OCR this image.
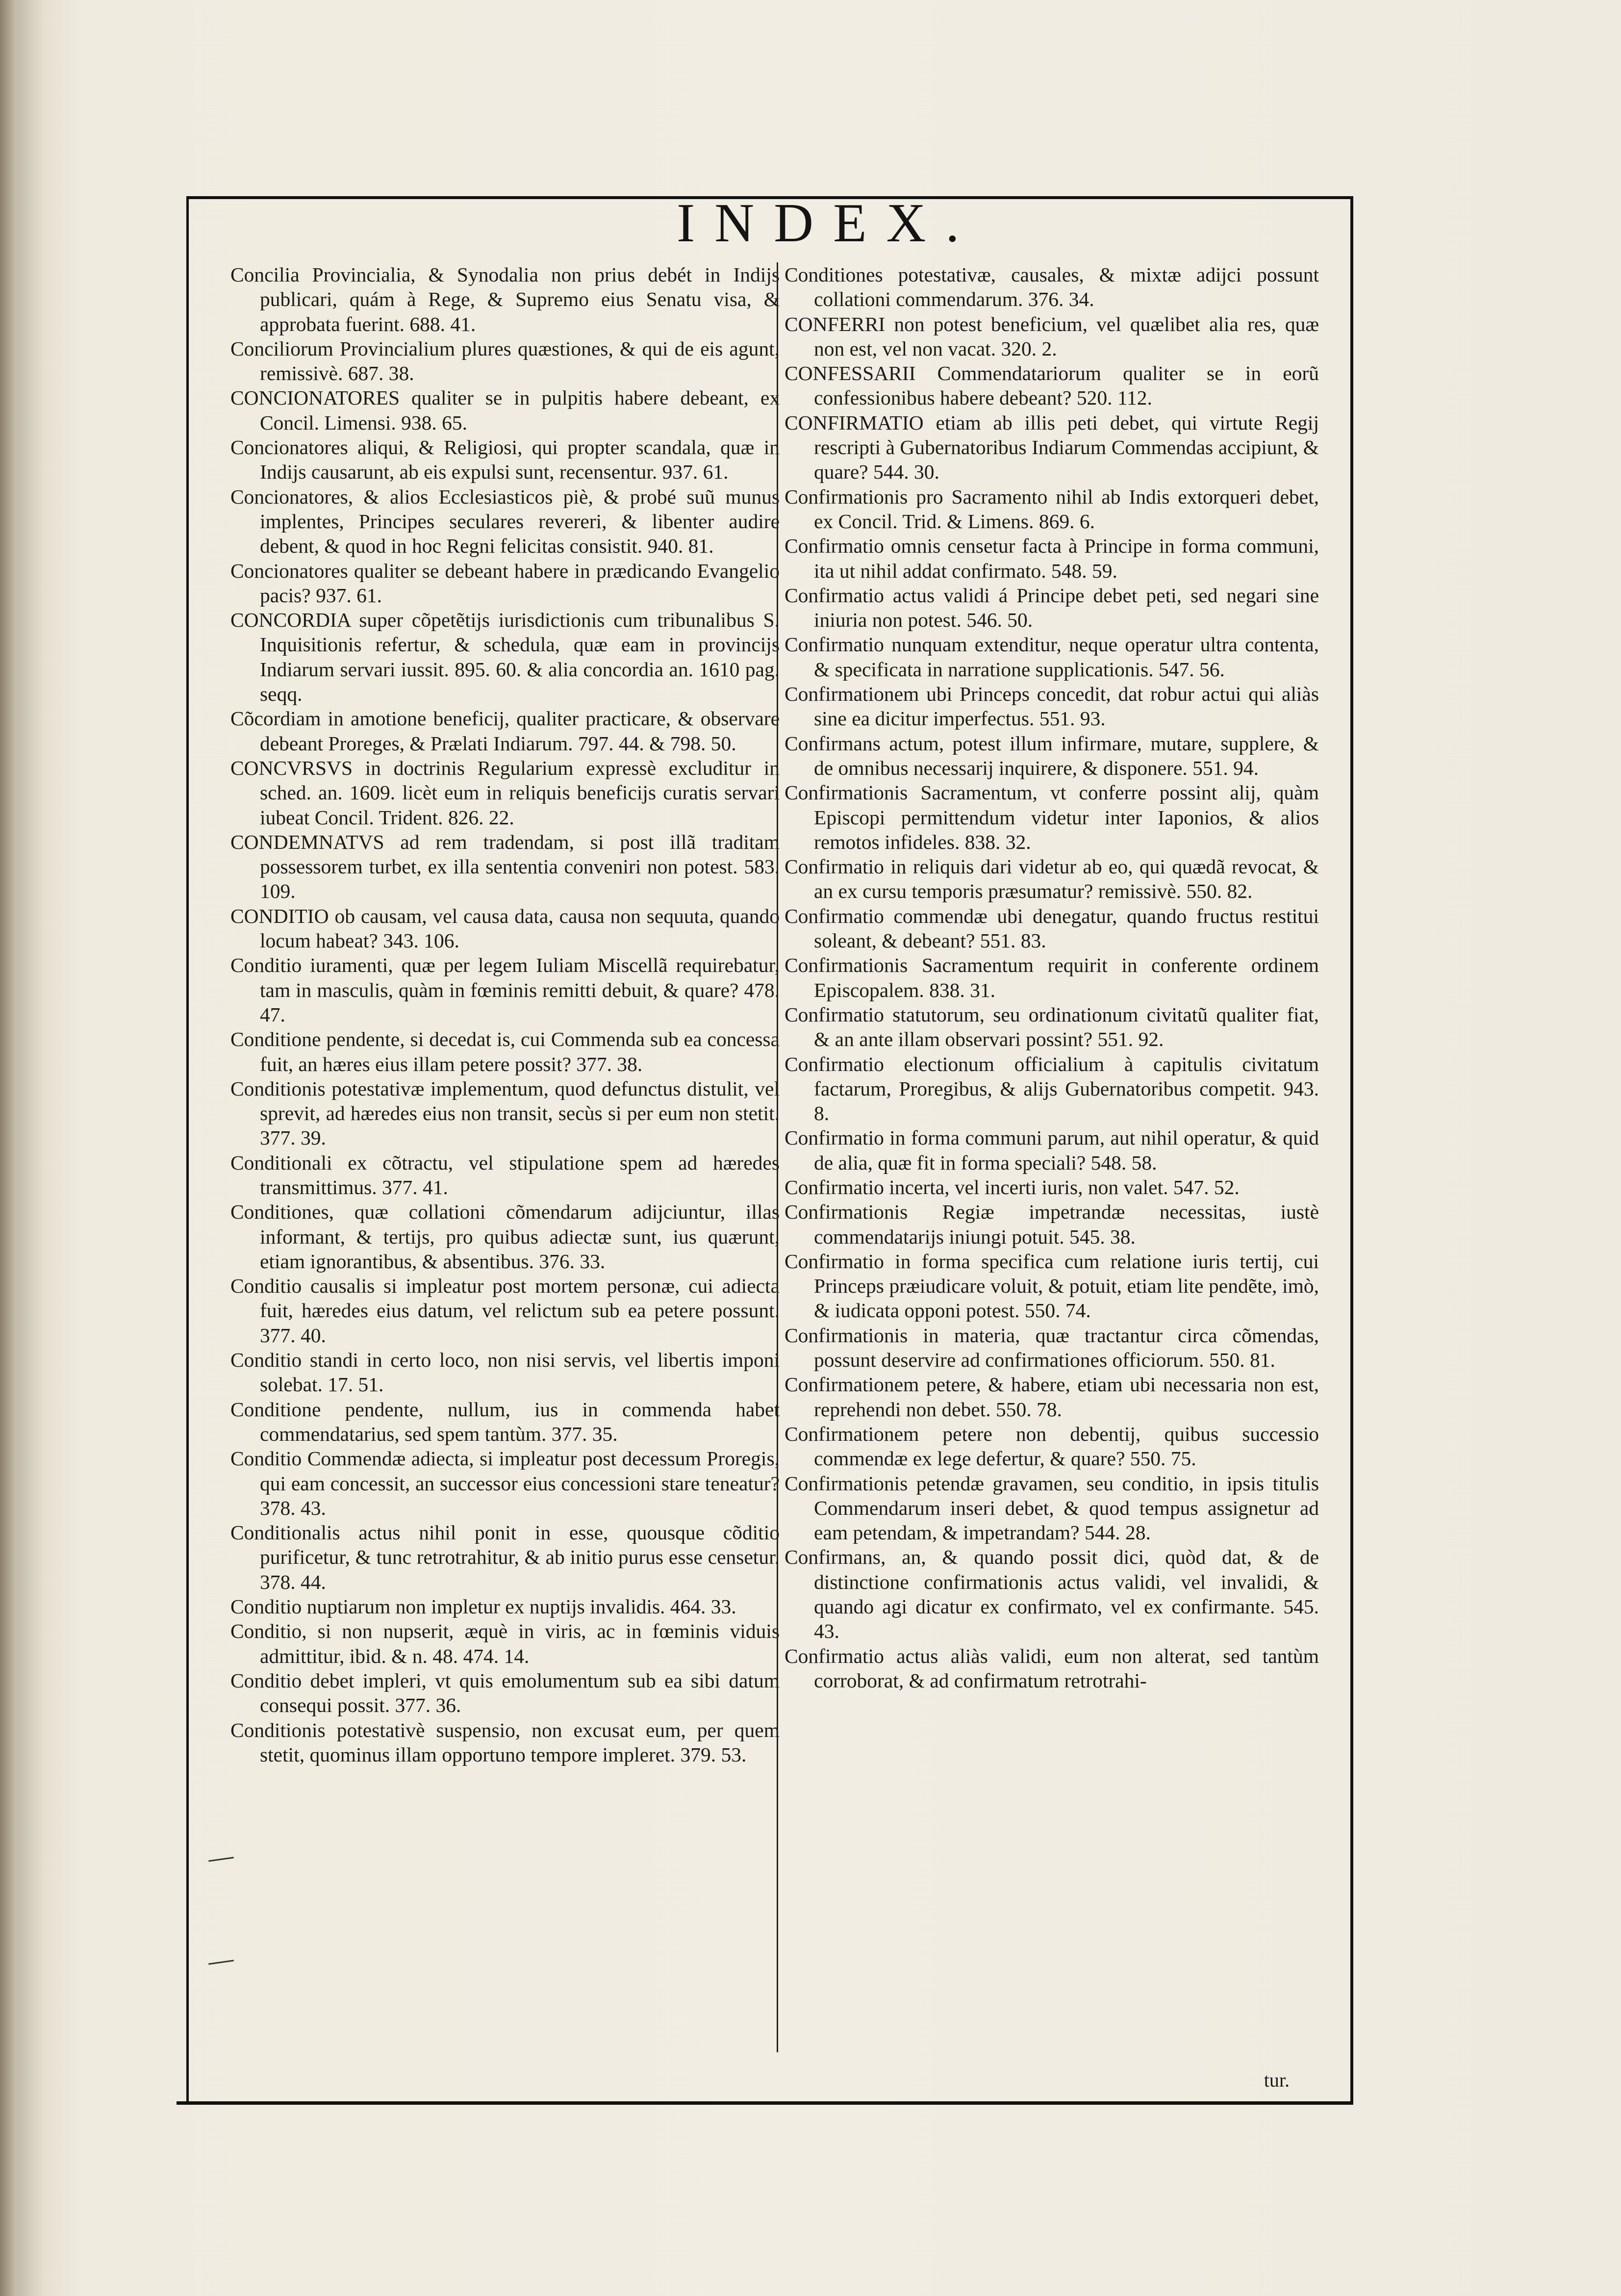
INDEX.
Concilia Provincialia, & Synodalia non prius debét in Indijs publicari, quám à Rege, & Supremo eius Senatu visa, & approbata fuerint. 688. 41.
Conciliorum Provincialium plures quæstiones, & qui de eis agunt, remissivè. 687. 38.
CONCIONATORES qualiter se in pulpitis habere debeant, ex Concil. Limensi. 938. 65.
Concionatores aliqui, & Religiosi, qui propter scandala, quæ in Indijs causarunt, ab eis expulsi sunt, recensentur. 937. 61.
Concionatores, & alios Ecclesiasticos piè, & probé suũ munus implentes, Principes seculares revereri, & libenter audire debent, & quod in hoc Regni felicitas consistit. 940. 81.
Concionatores qualiter se debeant habere in prædicando Evangelio pacis? 937. 61.
CONCORDIA super cõpetẽtijs iurisdictionis cum tribunalibus S. Inquisitionis refertur, & schedula, quæ eam in provincijs Indiarum servari iussit. 895. 60. & alia concordia an. 1610 pag. seqq.
Cõcordiam in amotione beneficij, qualiter practicare, & observare debeant Proreges, & Prælati Indiarum. 797. 44. & 798. 50.
CONCVRSVS in doctrinis Regularium expressè excluditur in sched. an. 1609. licèt eum in reliquis beneficijs curatis servari iubeat Concil. Trident. 826. 22.
CONDEMNATVS ad rem tradendam, si post illã traditam possessorem turbet, ex illa sententia conveniri non potest. 583. 109.
CONDITIO ob causam, vel causa data, causa non sequuta, quando locum habeat? 343. 106.
Conditio iuramenti, quæ per legem Iuliam Miscellã requirebatur, tam in masculis, quàm in fœminis remitti debuit, & quare? 478. 47.
Conditione pendente, si decedat is, cui Commenda sub ea concessa fuit, an hæres eius illam petere possit? 377. 38.
Conditionis potestativæ implementum, quod defunctus distulit, vel sprevit, ad hæredes eius non transit, secùs si per eum non stetit. 377. 39.
Conditionali ex cõtractu, vel stipulatione spem ad hæredes transmittimus. 377. 41.
Conditiones, quæ collationi cõmendarum adijciuntur, illas informant, & tertijs, pro quibus adiectæ sunt, ius quærunt, etiam ignorantibus, & absentibus. 376. 33.
Conditio causalis si impleatur post mortem personæ, cui adiecta fuit, hæredes eius datum, vel relictum sub ea petere possunt. 377. 40.
Conditio standi in certo loco, non nisi servis, vel libertis imponi solebat. 17. 51.
Conditione pendente, nullum, ius in commenda habet commendatarius, sed spem tantùm. 377. 35.
Conditio Commendæ adiecta, si impleatur post decessum Proregis, qui eam concessit, an successor eius concessioni stare teneatur? 378. 43.
Conditionalis actus nihil ponit in esse, quousque cõditio purificetur, & tunc retrotrahitur, & ab initio purus esse censetur. 378. 44.
Conditio nuptiarum non impletur ex nuptijs invalidis. 464. 33.
Conditio, si non nupserit, æquè in viris, ac in fœminis viduis admittitur, ibid. & n. 48. 474. 14.
Conditio debet impleri, vt quis emolumentum sub ea sibi datum consequi possit. 377. 36.
Conditionis potestativè suspensio, non excusat eum, per quem stetit, quominus illam opportuno tempore impleret. 379. 53.
Conditiones potestativæ, causales, & mixtæ adijci possunt collationi commendarum. 376. 34.
CONFERRI non potest beneficium, vel quælibet alia res, quæ non est, vel non vacat. 320. 2.
CONFESSARII Commendatariorum qualiter se in eorũ confessionibus habere debeant? 520. 112.
CONFIRMATIO etiam ab illis peti debet, qui virtute Regij rescripti à Gubernatoribus Indiarum Commendas accipiunt, & quare? 544. 30.
Confirmationis pro Sacramento nihil ab Indis extorqueri debet, ex Concil. Trid. & Limens. 869. 6.
Confirmatio omnis censetur facta à Principe in forma communi, ita ut nihil addat confirmato. 548. 59.
Confirmatio actus validi á Principe debet peti, sed negari sine iniuria non potest. 546. 50.
Confirmatio nunquam extenditur, neque operatur ultra contenta, & specificata in narratione supplicationis. 547. 56.
Confirmationem ubi Princeps concedit, dat robur actui qui aliàs sine ea dicitur imperfectus. 551. 93.
Confirmans actum, potest illum infirmare, mutare, supplere, & de omnibus necessarij inquirere, & disponere. 551. 94.
Confirmationis Sacramentum, vt conferre possint alij, quàm Episcopi permittendum videtur inter Iaponios, & alios remotos infideles. 838. 32.
Confirmatio in reliquis dari videtur ab eo, qui quædã revocat, & an ex cursu temporis præsumatur? remissivè. 550. 82.
Confirmatio commendæ ubi denegatur, quando fructus restitui soleant, & debeant? 551. 83.
Confirmationis Sacramentum requirit in conferente ordinem Episcopalem. 838. 31.
Confirmatio statutorum, seu ordinationum civitatũ qualiter fiat, & an ante illam observari possint? 551. 92.
Confirmatio electionum officialium à capitulis civitatum factarum, Proregibus, & alijs Gubernatoribus competit. 943. 8.
Confirmatio in forma communi parum, aut nihil operatur, & quid de alia, quæ fit in forma speciali? 548. 58.
Confirmatio incerta, vel incerti iuris, non valet. 547. 52.
Confirmationis Regiæ impetrandæ necessitas, iustè commendatarijs iniungi potuit. 545. 38.
Confirmatio in forma specifica cum relatione iuris tertij, cui Princeps præiudicare voluit, & potuit, etiam lite pendẽte, imò, & iudicata opponi potest. 550. 74.
Confirmationis in materia, quæ tractantur circa cõmendas, possunt deservire ad confirmationes officiorum. 550. 81.
Confirmationem petere, & habere, etiam ubi necessaria non est, reprehendi non debet. 550. 78.
Confirmationem petere non debentij, quibus successio commendæ ex lege defertur, & quare? 550. 75.
Confirmationis petendæ gravamen, seu conditio, in ipsis titulis Commendarum inseri debet, & quod tempus assignetur ad eam petendam, & impetrandam? 544. 28.
Confirmans, an, & quando possit dici, quòd dat, & de distinctione confirmationis actus validi, vel invalidi, & quando agi dicatur ex confirmato, vel ex confirmante. 545. 43.
Confirmatio actus aliàs validi, eum non alterat, sed tantùm corroborat, & ad confirmatum retrotrahi-
tur.
